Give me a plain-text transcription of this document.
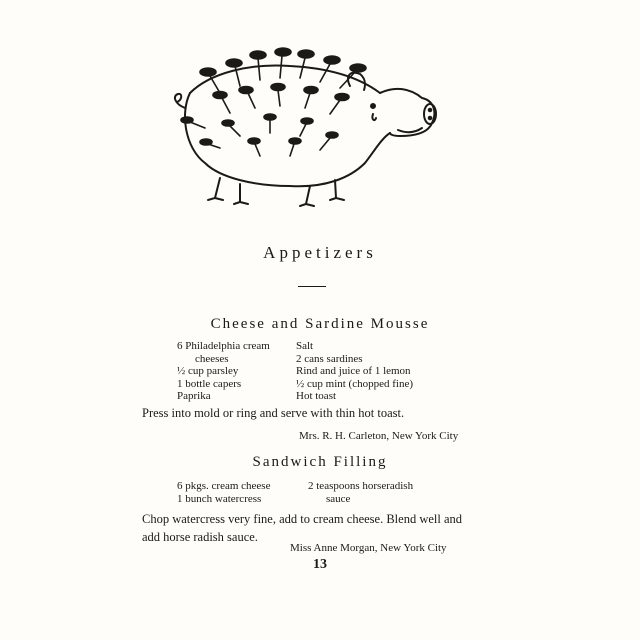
Appetizers
Cheese and Sardine Mousse
6 Philadelphia cream
cheeses
½ cup parsley
1 bottle capers
Paprika
Salt
2 cans sardines
Rind and juice of 1 lemon
½ cup mint (chopped fine)
Hot toast
Press into mold or ring and serve with thin hot toast.
Mrs. R. H. Carleton, New York City
Sandwich Filling
6 pkgs. cream cheese
1 bunch watercress
2 teaspoons horseradish
sauce
Chop watercress very fine, add to cream cheese. Blend well and add horse radish sauce.
Miss Anne Morgan, New York City
13
